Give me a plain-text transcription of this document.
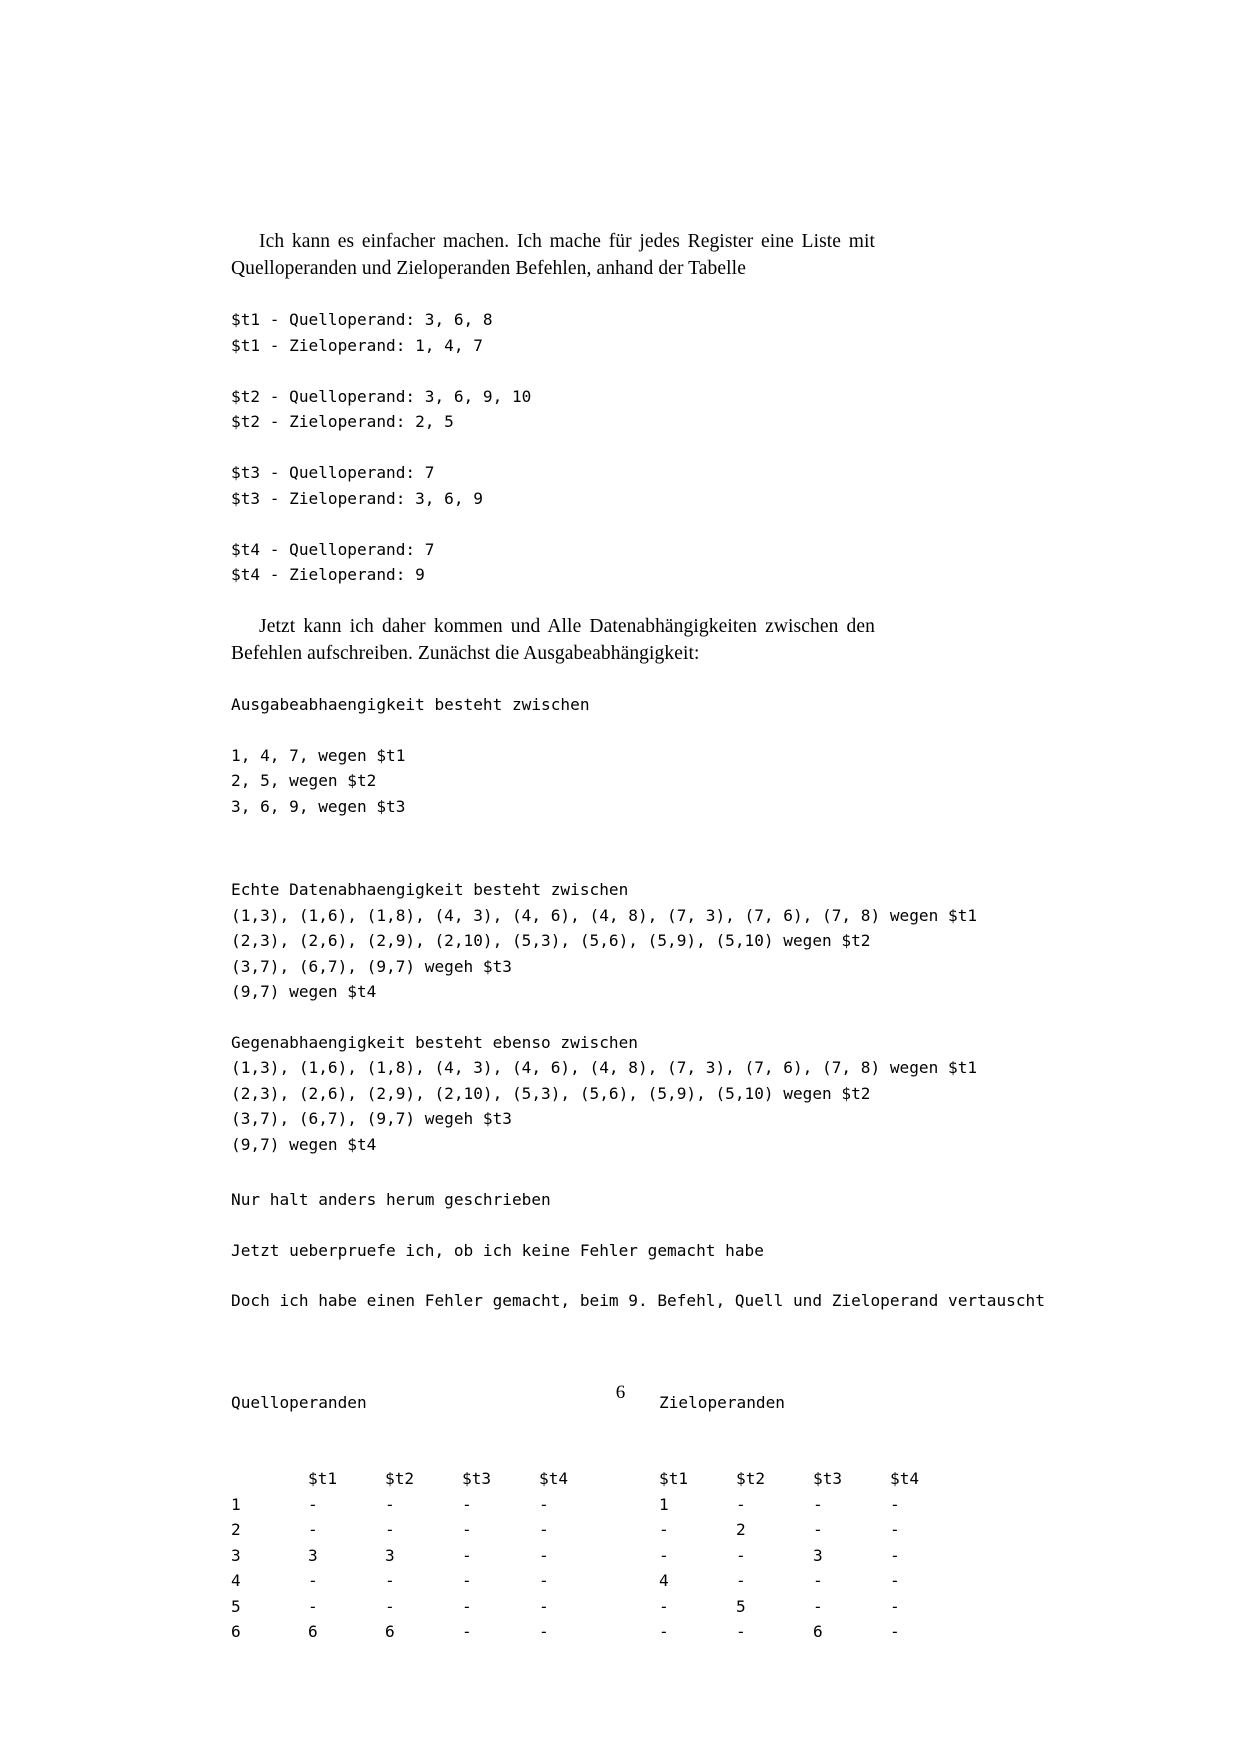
Ich kann es einfacher machen. Ich mache für jedes Register eine Liste mit Quelloperanden und Zieloperanden Befehlen, anhand der Tabelle

$t1 - Quelloperand: 3, 6, 8
$t1 - Zieloperand: 1, 4, 7

$t2 - Quelloperand: 3, 6, 9, 10
$t2 - Zieloperand: 2, 5

$t3 - Quelloperand: 7
$t3 - Zieloperand: 3, 6, 9

$t4 - Quelloperand: 7
$t4 - Zieloperand: 9

Jetzt kann ich daher kommen und Alle Datenabhängigkeiten zwischen den Befehlen aufschreiben. Zunächst die Ausgabeabhängigkeit:

Ausgabeabhaengigkeit besteht zwischen

1, 4, 7, wegen $t1
2, 5, wegen $t2
3, 6, 9, wegen $t3
Echte Datenabhaengigkeit besteht zwischen
(1,3), (1,6), (1,8), (4, 3), (4, 6), (4, 8), (7, 3), (7, 6), (7, 8) wegen $t1
(2,3), (2,6), (2,9), (2,10), (5,3), (5,6), (5,9), (5,10) wegen $t2
(3,7), (6,7), (9,7) wegeh $t3
(9,7) wegen $t4
Gegenabhaengigkeit besteht ebenso zwischen
(1,3), (1,6), (1,8), (4, 3), (4, 6), (4, 8), (7, 3), (7, 6), (7, 8) wegen $t1
(2,3), (2,6), (2,9), (2,10), (5,3), (5,6), (5,9), (5,10) wegen $t2
(3,7), (6,7), (9,7) wegeh $t3
(9,7) wegen $t4
Nur halt anders herum geschrieben
Jetzt ueberpruefe ich, ob ich keine Fehler gemacht habe
Doch ich habe einen Fehler gemacht, beim 9. Befehl, Quell und Zieloperand vertauscht

Quelloperanden

	$t1	$t2	$t3	$t4
1	-	-	-	-
2	-	-	-	-
3	3	3	-	-
4	-	-	-	-
5	-	-	-	-
6	6	6	-	-

Zieloperanden

$t1	$t2	$t3	$t4
1	-	-	-
-	2	-	-
-	-	3	-
4	-	-	-
-	5	-	-
-	-	6	-

6
